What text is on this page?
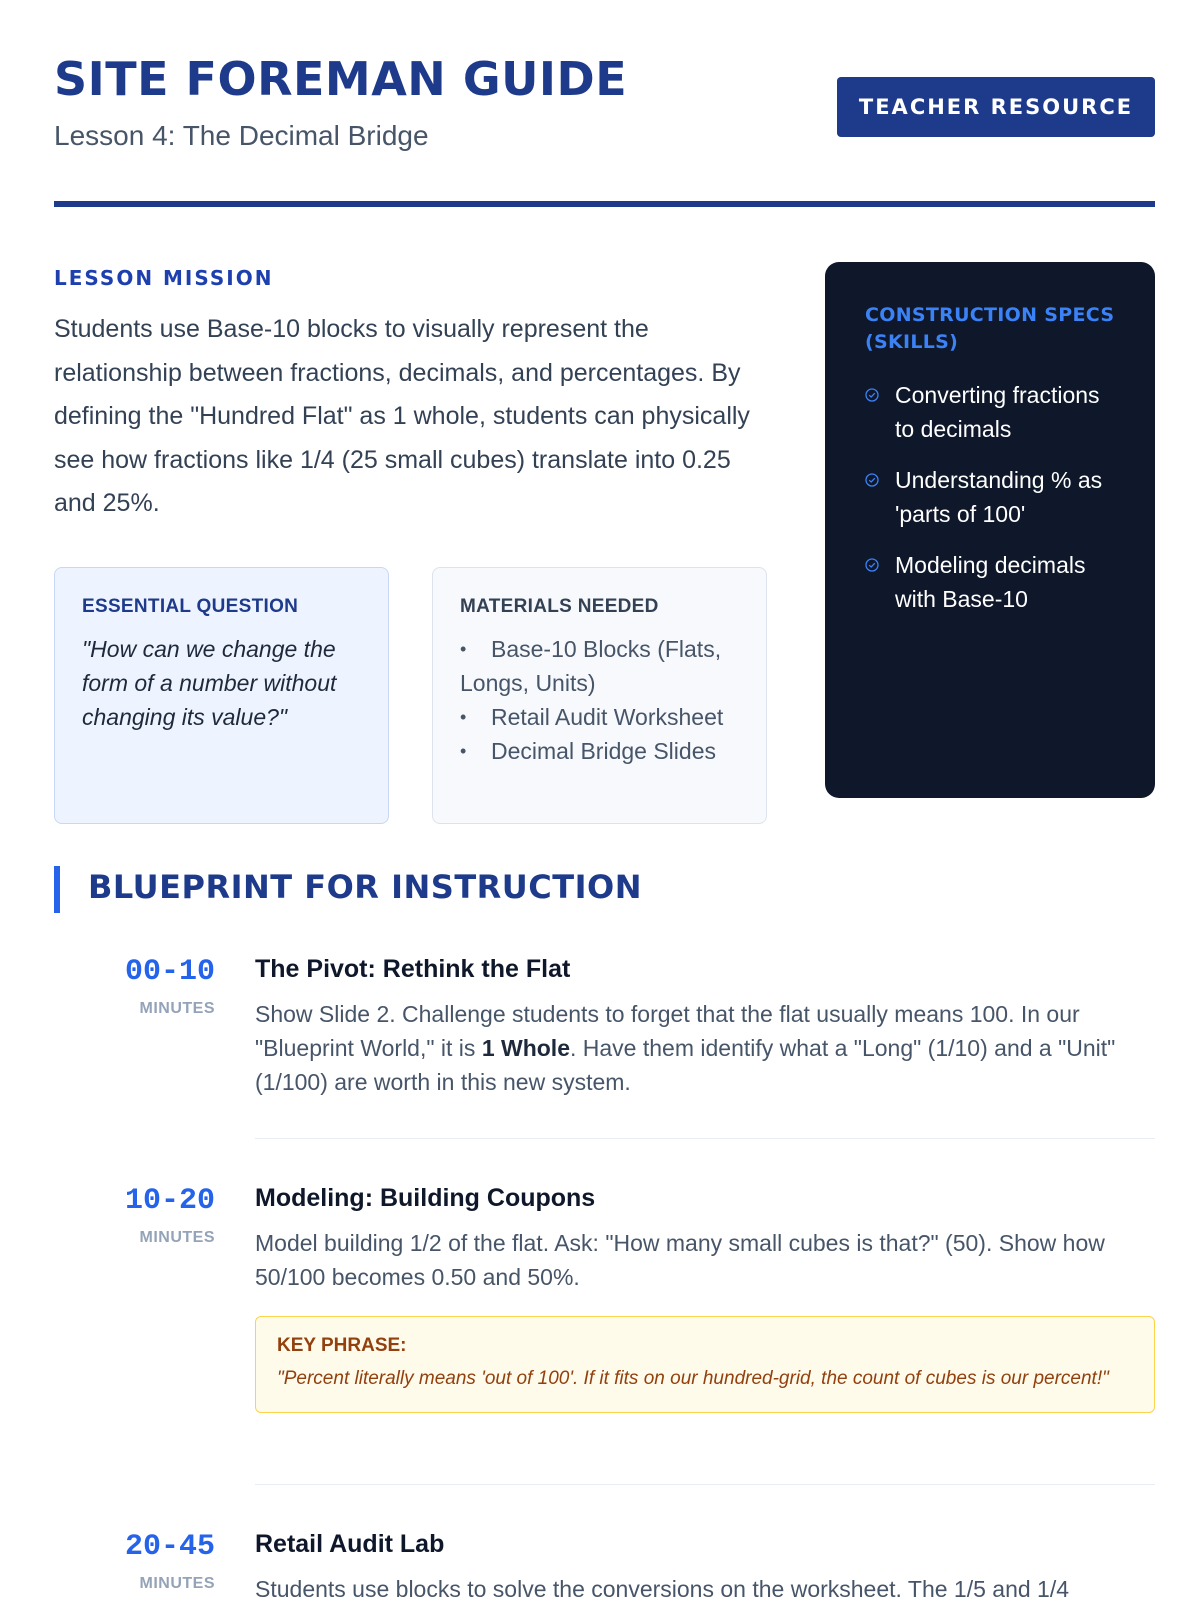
SITE FOREMAN GUIDE
Lesson 4: The Decimal Bridge
TEACHER RESOURCE
LESSON MISSION

Students use Base-10 blocks to visually represent the relationship between fractions, decimals, and percentages. By defining the "Hundred Flat" as 1 whole, students can physically see how fractions like 1/4 (25 small cubes) translate into 0.25 and 25%.

ESSENTIAL QUESTION
"How can we change the form of a number without changing its value?"
MATERIALS NEEDED
•	Base-10 Blocks (Flats, Longs, Units)
•	Retail Audit Worksheet
•	Decimal Bridge Slides
CONSTRUCTION SPECS (SKILLS)
Converting fractions to decimals
Understanding % as 'parts of 100'
Modeling decimals with Base-10
BLUEPRINT FOR INSTRUCTION
00-10
MINUTES
The Pivot: Rethink the Flat

Show Slide 2. Challenge students to forget that the flat usually means 100. In our "Blueprint World," it is 1 Whole. Have them identify what a "Long" (1/10) and a "Unit" (1/100) are worth in this new system.

10-20
MINUTES
Modeling: Building Coupons

Model building 1/2 of the flat. Ask: "How many small cubes is that?" (50). Show how 50/100 becomes 0.50 and 50%.

KEY PHRASE:
"Percent literally means 'out of 100'. If it fits on our hundred-grid, the count of cubes is our percent!"
20-45
MINUTES
Retail Audit Lab

Students use blocks to solve the conversions on the worksheet. The 1/5 and 1/4
